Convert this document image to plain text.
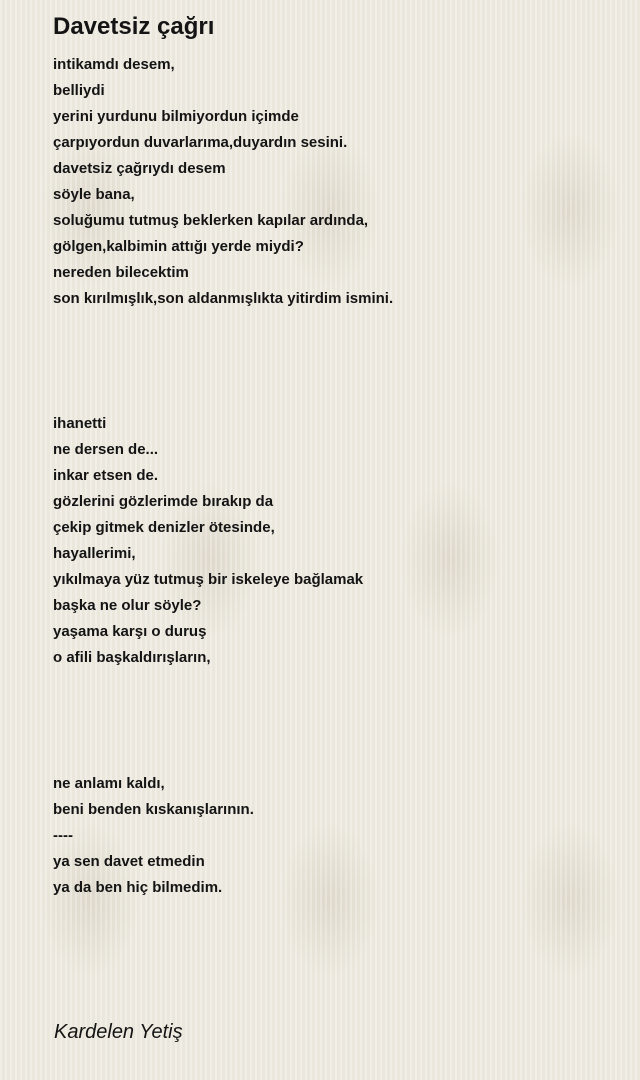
Davetsiz çağrı
intikamdı desem,
belliydi
yerini yurdunu bilmiyordun içimde
çarpıyordun duvarlarıma,duyardın sesini.
davetsiz çağrıydı desem
söyle bana,
soluğumu tutmuş beklerken kapılar ardında,
gölgen,kalbimin attığı yerde miydi?
nereden bilecektim
son kırılmışlık,son aldanmışlıkta yitirdim ismini.
ihanetti
ne dersen de...
inkar etsen de.
gözlerini gözlerimde bırakıp da
çekip gitmek denizler ötesinde,
hayallerimi,
yıkılmaya yüz tutmuş bir iskeleye bağlamak
başka ne olur söyle?
yaşama karşı o duruş
o afili başkaldırışların,
ne anlamı kaldı,
beni benden kıskanışlarının.
----
ya sen davet etmedin
ya da ben hiç bilmedim.
Kardelen Yetiş
